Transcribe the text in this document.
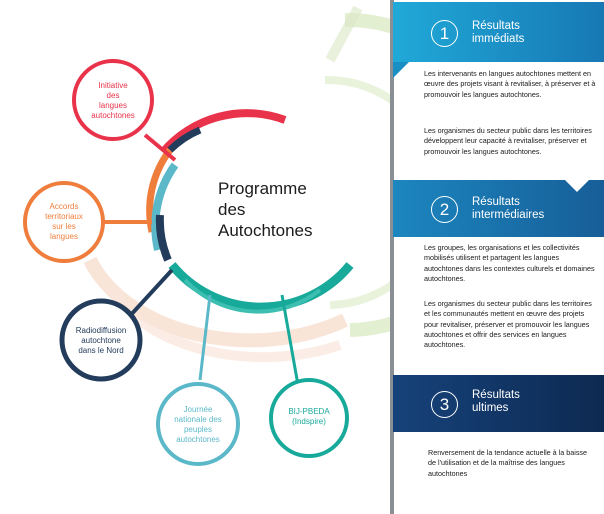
Programme
des
Autochtones
Initiative
des
langues
autochtones
Accords
territoriaux
sur les
langues
Radiodiffusion
autochtone
dans le Nord
Journée
nationale des
peuples
autochtones
BIJ-PBEDA
(Indspire)
1	Résultats
immédiats
Les intervenants en langues autochtones mettent en œuvre des projets visant à revitaliser, à préserver et à promouvoir les langues autochtones.
Les organismes du secteur public dans les territoires développent leur capacité à revitaliser, préserver et promouvoir les langues autochtones.
2	Résultats
intermédiaires
Les groupes, les organisations et les collectivités mobilisés utilisent et partagent les langues autochtones dans les contextes culturels et domaines autochtones.
Les organismes du secteur public dans les territoires et les communautés mettent en œuvre des projets pour revitaliser, préserver et promouvoir les langues autochtones et offrir des services en langues autochtones.
3	Résultats
ultimes
Renversement de la tendance actuelle à la baisse de l'utilisation et de la maîtrise des langues autochtones
